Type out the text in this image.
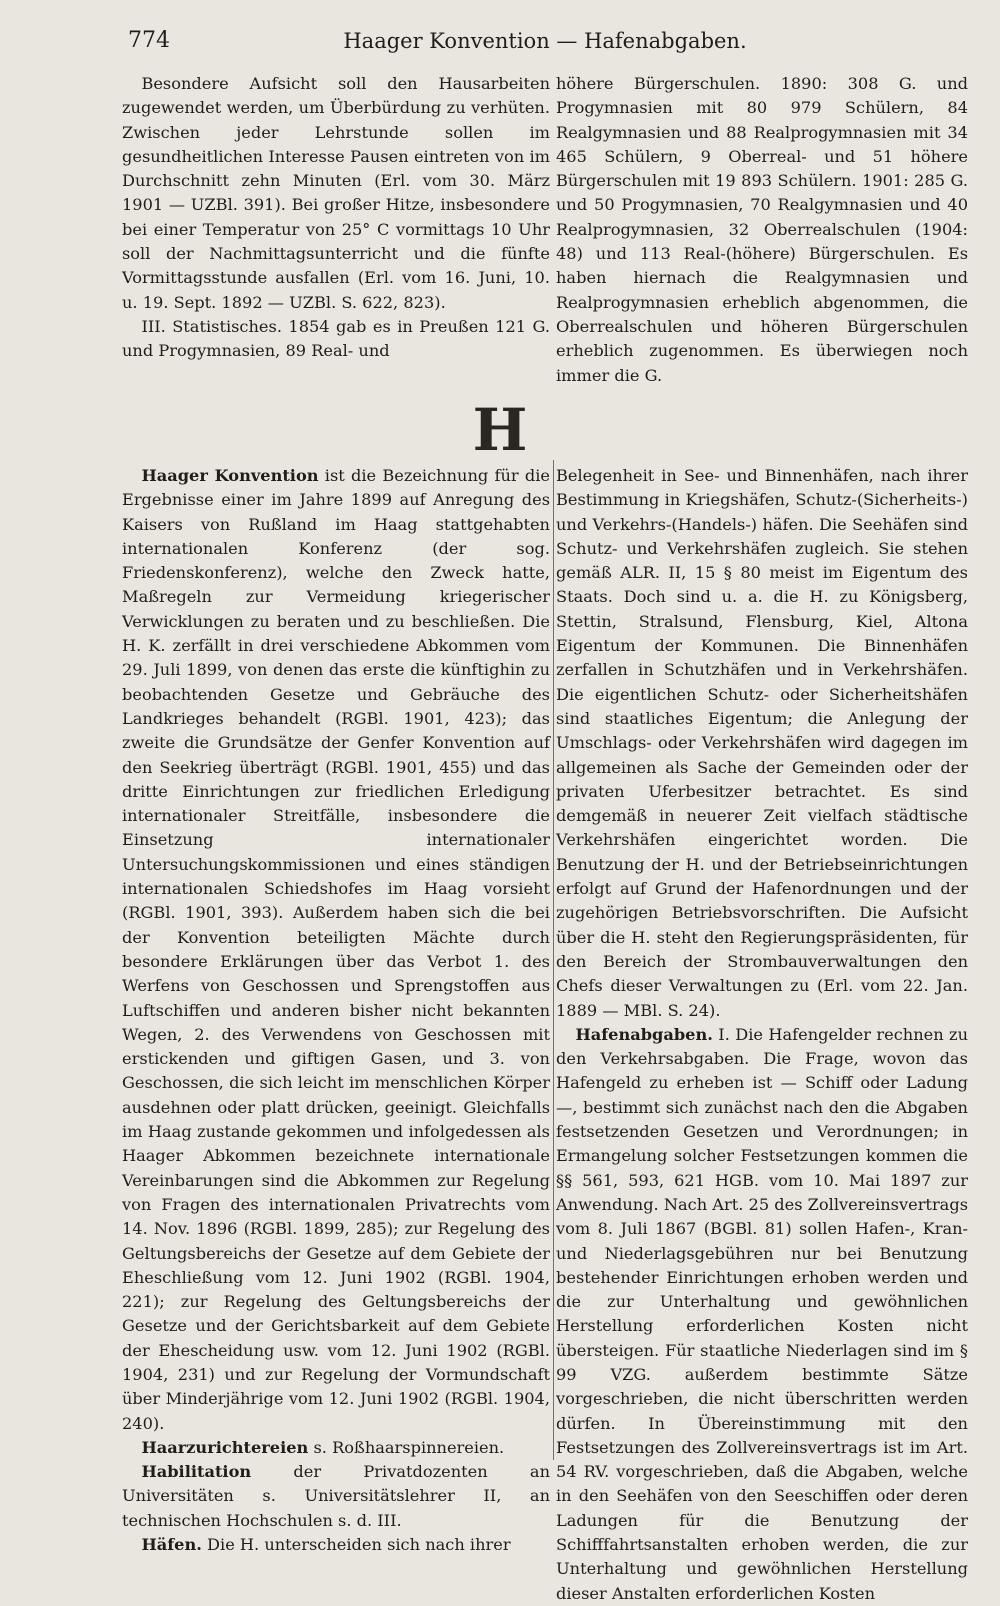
774	Haager Konvention — Hafenabgaben.

Besondere Aufsicht soll den Hausarbeiten zugewendet werden, um Überbürdung zu verhüten. Zwischen jeder Lehrstunde sollen im gesundheitlichen Interesse Pausen eintreten von im Durchschnitt zehn Minuten (Erl. vom 30. März 1901 — UZBl. 391). Bei großer Hitze, insbesondere bei einer Temperatur von 25° C vormittags 10 Uhr soll der Nachmittagsunterricht und die fünfte Vormittagsstunde ausfallen (Erl. vom 16. Juni, 10. u. 19. Sept. 1892 — UZBl. S. 622, 823).

III. Statistisches. 1854 gab es in Preußen 121 G. und Progymnasien, 89 Real- und

höhere Bürgerschulen. 1890: 308 G. und Progymnasien mit 80 979 Schülern, 84 Realgymnasien und 88 Realprogymnasien mit 34 465 Schülern, 9 Oberreal- und 51 höhere Bürgerschulen mit 19 893 Schülern. 1901: 285 G. und 50 Progymnasien, 70 Realgymnasien und 40 Realprogymnasien, 32 Oberrealschulen (1904: 48) und 113 Real-(höhere) Bürgerschulen. Es haben hiernach die Realgymnasien und Realprogymnasien erheblich abgenommen, die Oberrealschulen und höheren Bürgerschulen erheblich zugenommen. Es überwiegen noch immer die G.

H

Haager Konvention ist die Bezeichnung für die Ergebnisse einer im Jahre 1899 auf Anregung des Kaisers von Rußland im Haag stattgehabten internationalen Konferenz (der sog. Friedenskonferenz), welche den Zweck hatte, Maßregeln zur Vermeidung kriegerischer Verwicklungen zu beraten und zu beschließen. Die H. K. zerfällt in drei verschiedene Abkommen vom 29. Juli 1899, von denen das erste die künftighin zu beobachtenden Gesetze und Gebräuche des Landkrieges behandelt (RGBl. 1901, 423); das zweite die Grundsätze der Genfer Konvention auf den Seekrieg überträgt (RGBl. 1901, 455) und das dritte Einrichtungen zur friedlichen Erledigung internationaler Streitfälle, insbesondere die Einsetzung internationaler Untersuchungskommissionen und eines ständigen internationalen Schiedshofes im Haag vorsieht (RGBl. 1901, 393). Außerdem haben sich die bei der Konvention beteiligten Mächte durch besondere Erklärungen über das Verbot 1. des Werfens von Geschossen und Sprengstoffen aus Luftschiffen und anderen bisher nicht bekannten Wegen, 2. des Verwendens von Geschossen mit erstickenden und giftigen Gasen, und 3. von Geschossen, die sich leicht im menschlichen Körper ausdehnen oder platt drücken, geeinigt. Gleichfalls im Haag zustande gekommen und infolgedessen als Haager Abkommen bezeichnete internationale Vereinbarungen sind die Abkommen zur Regelung von Fragen des internationalen Privatrechts vom 14. Nov. 1896 (RGBl. 1899, 285); zur Regelung des Geltungsbereichs der Gesetze auf dem Gebiete der Eheschließung vom 12. Juni 1902 (RGBl. 1904, 221); zur Regelung des Geltungsbereichs der Gesetze und der Gerichtsbarkeit auf dem Gebiete der Ehescheidung usw. vom 12. Juni 1902 (RGBl. 1904, 231) und zur Regelung der Vormundschaft über Minderjährige vom 12. Juni 1902 (RGBl. 1904, 240).

Haarzurichtereien s. Roßhaarspinnereien.

Habilitation der Privatdozenten an Universitäten s. Universitätslehrer II, an technischen Hochschulen s. d. III.

Häfen. Die H. unterscheiden sich nach ihrer

Belegenheit in See- und Binnenhäfen, nach ihrer Bestimmung in Kriegshäfen, Schutz-(Sicherheits-) und Verkehrs-(Handels-) häfen. Die Seehäfen sind Schutz- und Verkehrshäfen zugleich. Sie stehen gemäß ALR. II, 15 § 80 meist im Eigentum des Staats. Doch sind u. a. die H. zu Königsberg, Stettin, Stralsund, Flensburg, Kiel, Altona Eigentum der Kommunen. Die Binnenhäfen zerfallen in Schutzhäfen und in Verkehrshäfen. Die eigentlichen Schutz- oder Sicherheitshäfen sind staatliches Eigentum; die Anlegung der Umschlags- oder Verkehrshäfen wird dagegen im allgemeinen als Sache der Gemeinden oder der privaten Uferbesitzer betrachtet. Es sind demgemäß in neuerer Zeit vielfach städtische Verkehrshäfen eingerichtet worden. Die Benutzung der H. und der Betriebseinrichtungen erfolgt auf Grund der Hafenordnungen und der zugehörigen Betriebsvorschriften. Die Aufsicht über die H. steht den Regierungspräsidenten, für den Bereich der Strombauverwaltungen den Chefs dieser Verwaltungen zu (Erl. vom 22. Jan. 1889 — MBl. S. 24).

Hafenabgaben. I. Die Hafengelder rechnen zu den Verkehrsabgaben. Die Frage, wovon das Hafengeld zu erheben ist — Schiff oder Ladung —, bestimmt sich zunächst nach den die Abgaben festsetzenden Gesetzen und Verordnungen; in Ermangelung solcher Festsetzungen kommen die §§ 561, 593, 621 HGB. vom 10. Mai 1897 zur Anwendung. Nach Art. 25 des Zollvereinsvertrags vom 8. Juli 1867 (BGBl. 81) sollen Hafen-, Kran- und Niederlagsgebühren nur bei Benutzung bestehender Einrichtungen erhoben werden und die zur Unterhaltung und gewöhnlichen Herstellung erforderlichen Kosten nicht übersteigen. Für staatliche Niederlagen sind im § 99 VZG. außerdem bestimmte Sätze vorgeschrieben, die nicht überschritten werden dürfen. In Übereinstimmung mit den Festsetzungen des Zollvereinsvertrags ist im Art. 54 RV. vorgeschrieben, daß die Abgaben, welche in den Seehäfen von den Seeschiffen oder deren Ladungen für die Benutzung der Schifffahrtsanstalten erhoben werden, die zur Unterhaltung und gewöhnlichen Herstellung dieser Anstalten erforderlichen Kosten
